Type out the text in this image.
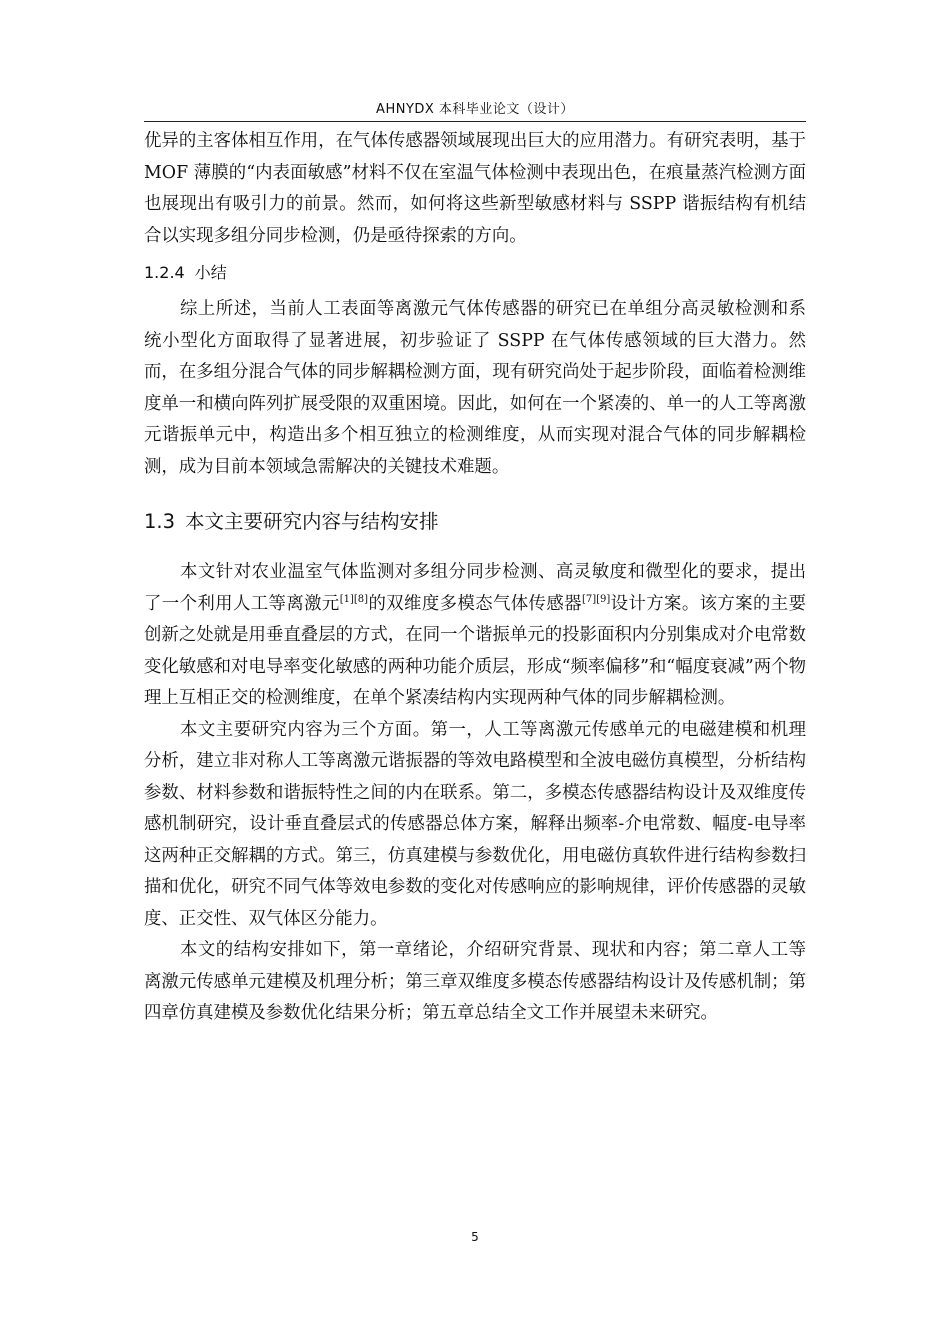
AHNYDX 本科毕业论文（设计）

优异的主客体相互作用，在气体传感器领域展现出巨大的应用潜力。有研究表明，基于 MOF 薄膜的“内表面敏感”材料不仅在室温气体检测中表现出色，在痕量蒸汽检测方面也展现出有吸引力的前景。然而，如何将这些新型敏感材料与 SSPP 谐振结构有机结合以实现多组分同步检测，仍是亟待探索的方向。

1.2.4 小结

综上所述，当前人工表面等离激元气体传感器的研究已在单组分高灵敏检测和系统小型化方面取得了显著进展，初步验证了 SSPP 在气体传感领域的巨大潜力。然而，在多组分混合气体的同步解耦检测方面，现有研究尚处于起步阶段，面临着检测维度单一和横向阵列扩展受限的双重困境。因此，如何在一个紧凑的、单一的人工等离激元谐振单元中，构造出多个相互独立的检测维度，从而实现对混合气体的同步解耦检测，成为目前本领域急需解决的关键技术难题。

1.3 本文主要研究内容与结构安排

本文针对农业温室气体监测对多组分同步检测、高灵敏度和微型化的要求，提出了一个利用人工等离激元[1][8]的双维度多模态气体传感器[7][9]设计方案。该方案的主要创新之处就是用垂直叠层的方式，在同一个谐振单元的投影面积内分别集成对介电常数变化敏感和对电导率变化敏感的两种功能介质层，形成“频率偏移”和“幅度衰减”两个物理上互相正交的检测维度，在单个紧凑结构内实现两种气体的同步解耦检测。

本文主要研究内容为三个方面。第一，人工等离激元传感单元的电磁建模和机理分析，建立非对称人工等离激元谐振器的等效电路模型和全波电磁仿真模型，分析结构参数、材料参数和谐振特性之间的内在联系。第二，多模态传感器结构设计及双维度传感机制研究，设计垂直叠层式的传感器总体方案，解释出频率-介电常数、幅度-电导率这两种正交解耦的方式。第三，仿真建模与参数优化，用电磁仿真软件进行结构参数扫描和优化，研究不同气体等效电参数的变化对传感响应的影响规律，评价传感器的灵敏度、正交性、双气体区分能力。

本文的结构安排如下，第一章绪论，介绍研究背景、现状和内容；第二章人工等离激元传感单元建模及机理分析；第三章双维度多模态传感器结构设计及传感机制；第四章仿真建模及参数优化结果分析；第五章总结全文工作并展望未来研究。

5
